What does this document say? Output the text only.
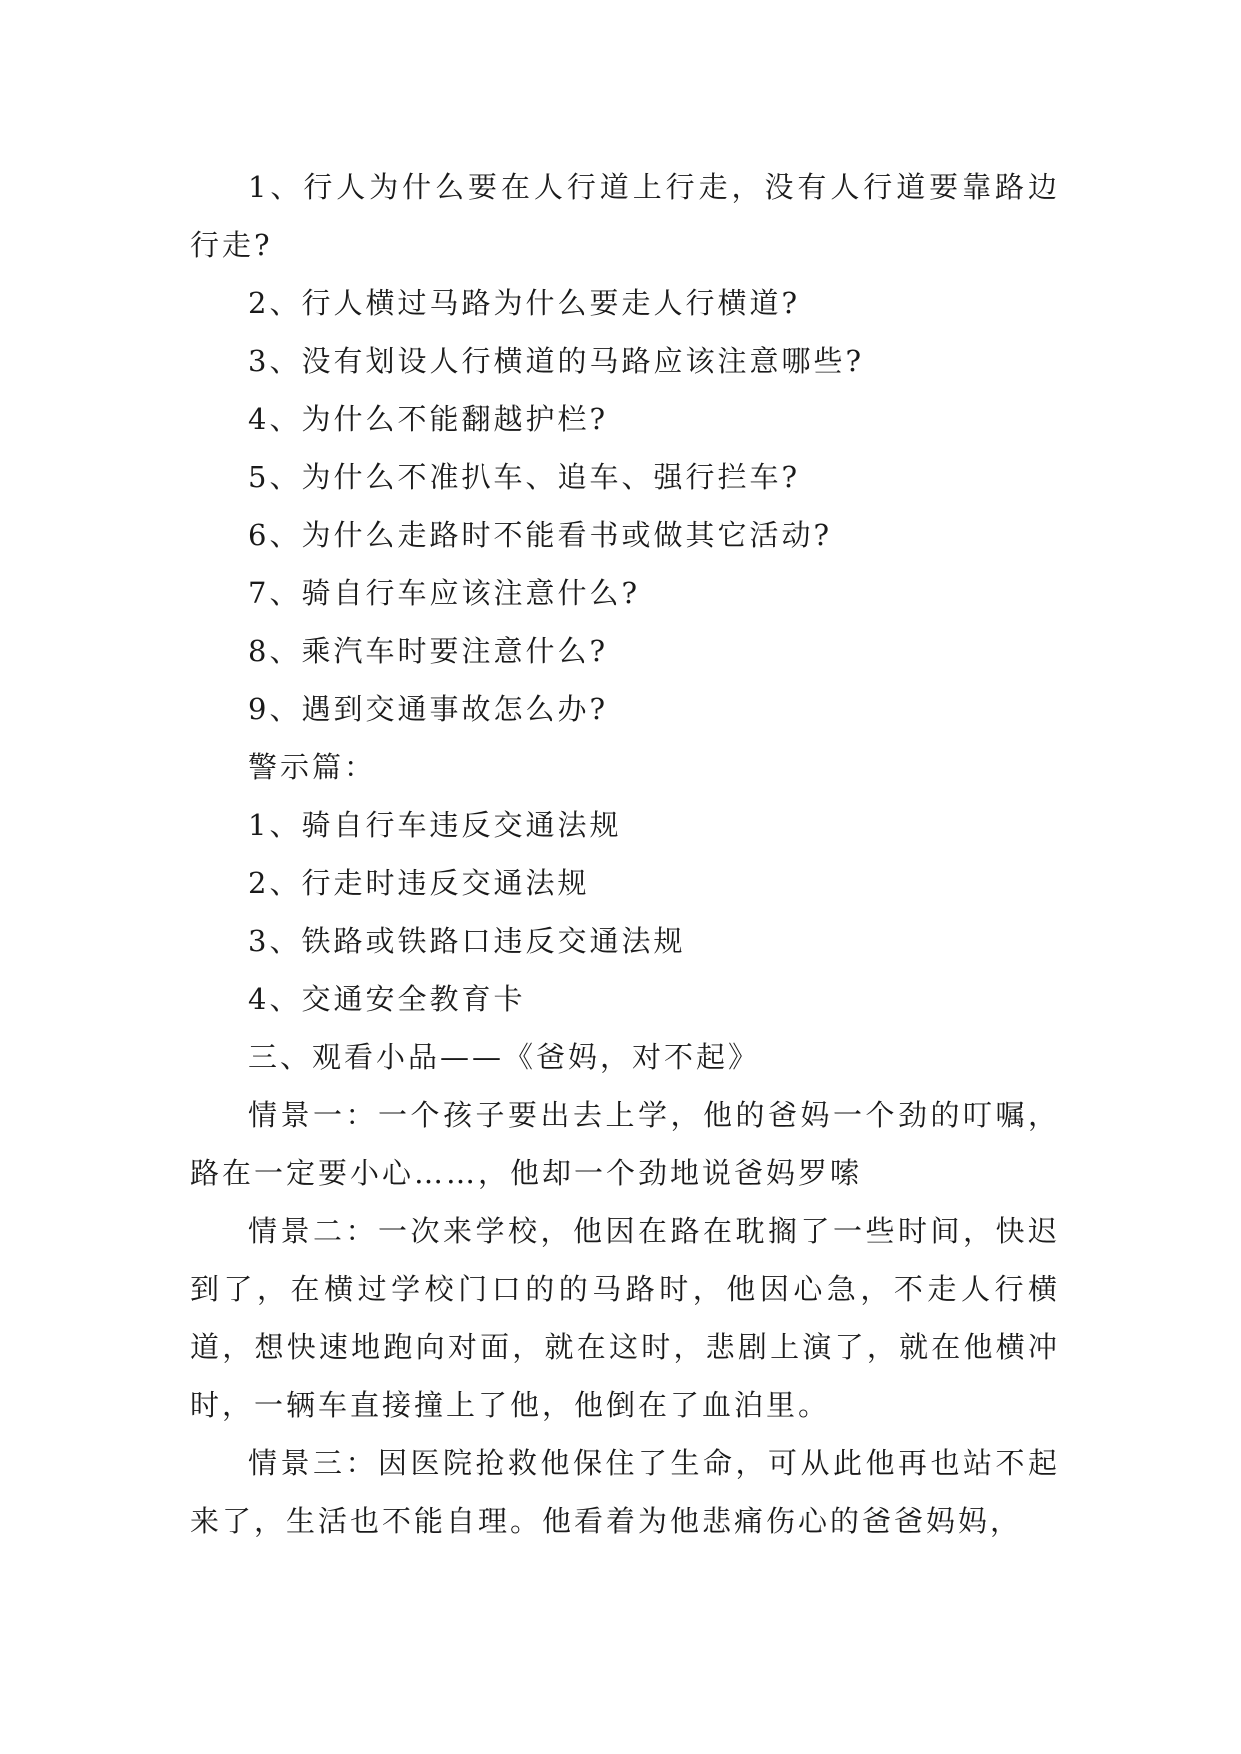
1、行人为什么要在人行道上行走，没有人行道要靠路边行走?

2、行人横过马路为什么要走人行横道?

3、没有划设人行横道的马路应该注意哪些?

4、为什么不能翻越护栏?

5、为什么不准扒车、追车、强行拦车?

6、为什么走路时不能看书或做其它活动?

7、骑自行车应该注意什么?

8、乘汽车时要注意什么?

9、遇到交通事故怎么办?

警示篇：

1、骑自行车违反交通法规

2、行走时违反交通法规

3、铁路或铁路口违反交通法规

4、交通安全教育卡

三、观看小品——《爸妈，对不起》

情景一：一个孩子要出去上学，他的爸妈一个劲的叮嘱，路在一定要小心……，他却一个劲地说爸妈罗嗦

情景二：一次来学校，他因在路在耽搁了一些时间，快迟到了，在横过学校门口的的马路时，他因心急，不走人行横道，想快速地跑向对面，就在这时，悲剧上演了，就在他横冲时，一辆车直接撞上了他，他倒在了血泊里。

情景三：因医院抢救他保住了生命，可从此他再也站不起来了，生活也不能自理。他看着为他悲痛伤心的爸爸妈妈，
